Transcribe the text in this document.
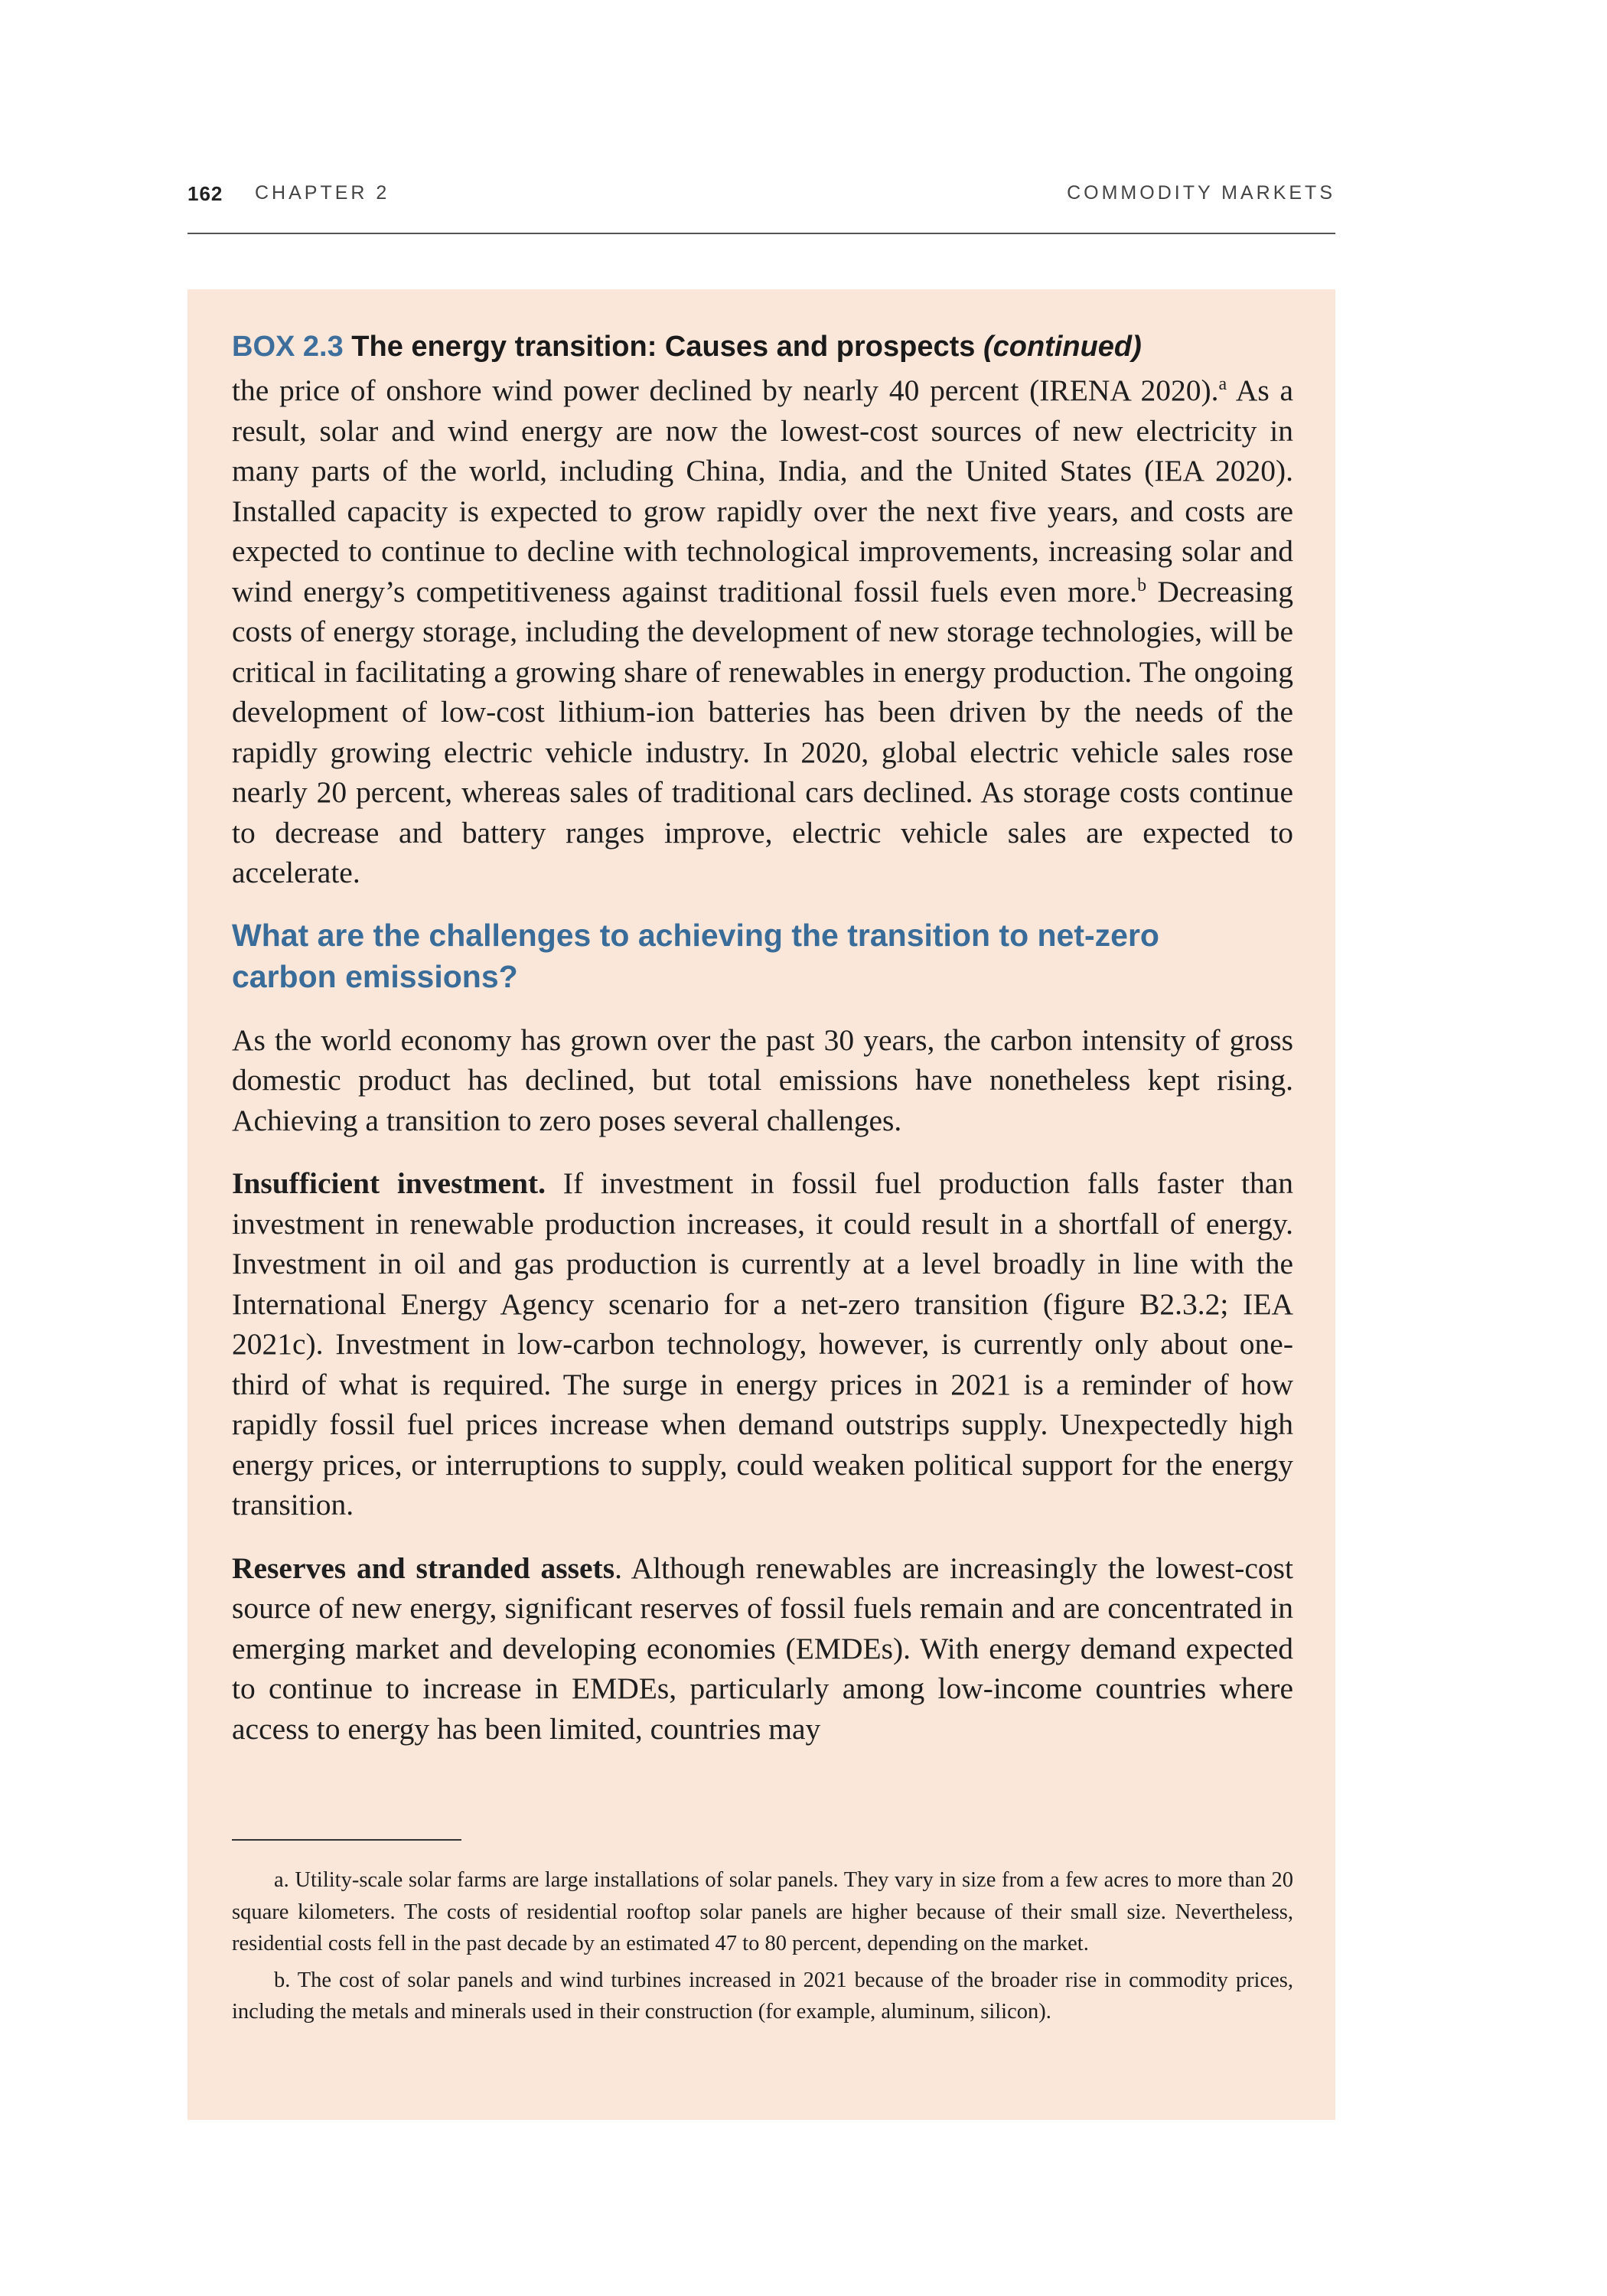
162 CHAPTER 2	COMMODITY MARKETS
BOX 2.3 The energy transition: Causes and prospects (continued)

the price of onshore wind power declined by nearly 40 percent (IRENA 2020).$^a$ As a result, solar and wind energy are now the lowest-cost sources of new electricity in many parts of the world, including China, India, and the United States (IEA 2020). Installed capacity is expected to grow rapidly over the next five years, and costs are expected to continue to decline with technological improvements, increasing solar and wind energy’s competitiveness against traditional fossil fuels even more.$^b$ Decreasing costs of energy storage, including the development of new storage technologies, will be critical in facilitating a growing share of renewables in energy production. The ongoing development of low-cost lithium-ion batteries has been driven by the needs of the rapidly growing electric vehicle industry. In 2020, global electric vehicle sales rose nearly 20 percent, whereas sales of traditional cars declined. As storage costs continue to decrease and battery ranges improve, electric vehicle sales are expected to accelerate.

What are the challenges to achieving the transition to net-zero carbon emissions?

As the world economy has grown over the past 30 years, the carbon intensity of gross domestic product has declined, but total emissions have nonetheless kept rising. Achieving a transition to zero poses several challenges.

Insufficient investment. If investment in fossil fuel production falls faster than investment in renewable production increases, it could result in a shortfall of energy. Investment in oil and gas production is currently at a level broadly in line with the International Energy Agency scenario for a net-zero transition (figure B2.3.2; IEA 2021c). Investment in low-carbon technology, however, is currently only about one-third of what is required. The surge in energy prices in 2021 is a reminder of how rapidly fossil fuel prices increase when demand outstrips supply. Unexpectedly high energy prices, or interruptions to supply, could weaken political support for the energy transition.

Reserves and stranded assets. Although renewables are increasingly the lowest-cost source of new energy, significant reserves of fossil fuels remain and are concentrated in emerging market and developing economies (EMDEs). With energy demand expected to continue to increase in EMDEs, particularly among low-income countries where access to energy has been limited, countries may

a. Utility-scale solar farms are large installations of solar panels. They vary in size from a few acres to more than 20 square kilometers. The costs of residential rooftop solar panels are higher because of their small size. Nevertheless, residential costs fell in the past decade by an estimated 47 to 80 percent, depending on the market.

b. The cost of solar panels and wind turbines increased in 2021 because of the broader rise in commodity prices, including the metals and minerals used in their construction (for example, aluminum, silicon).
